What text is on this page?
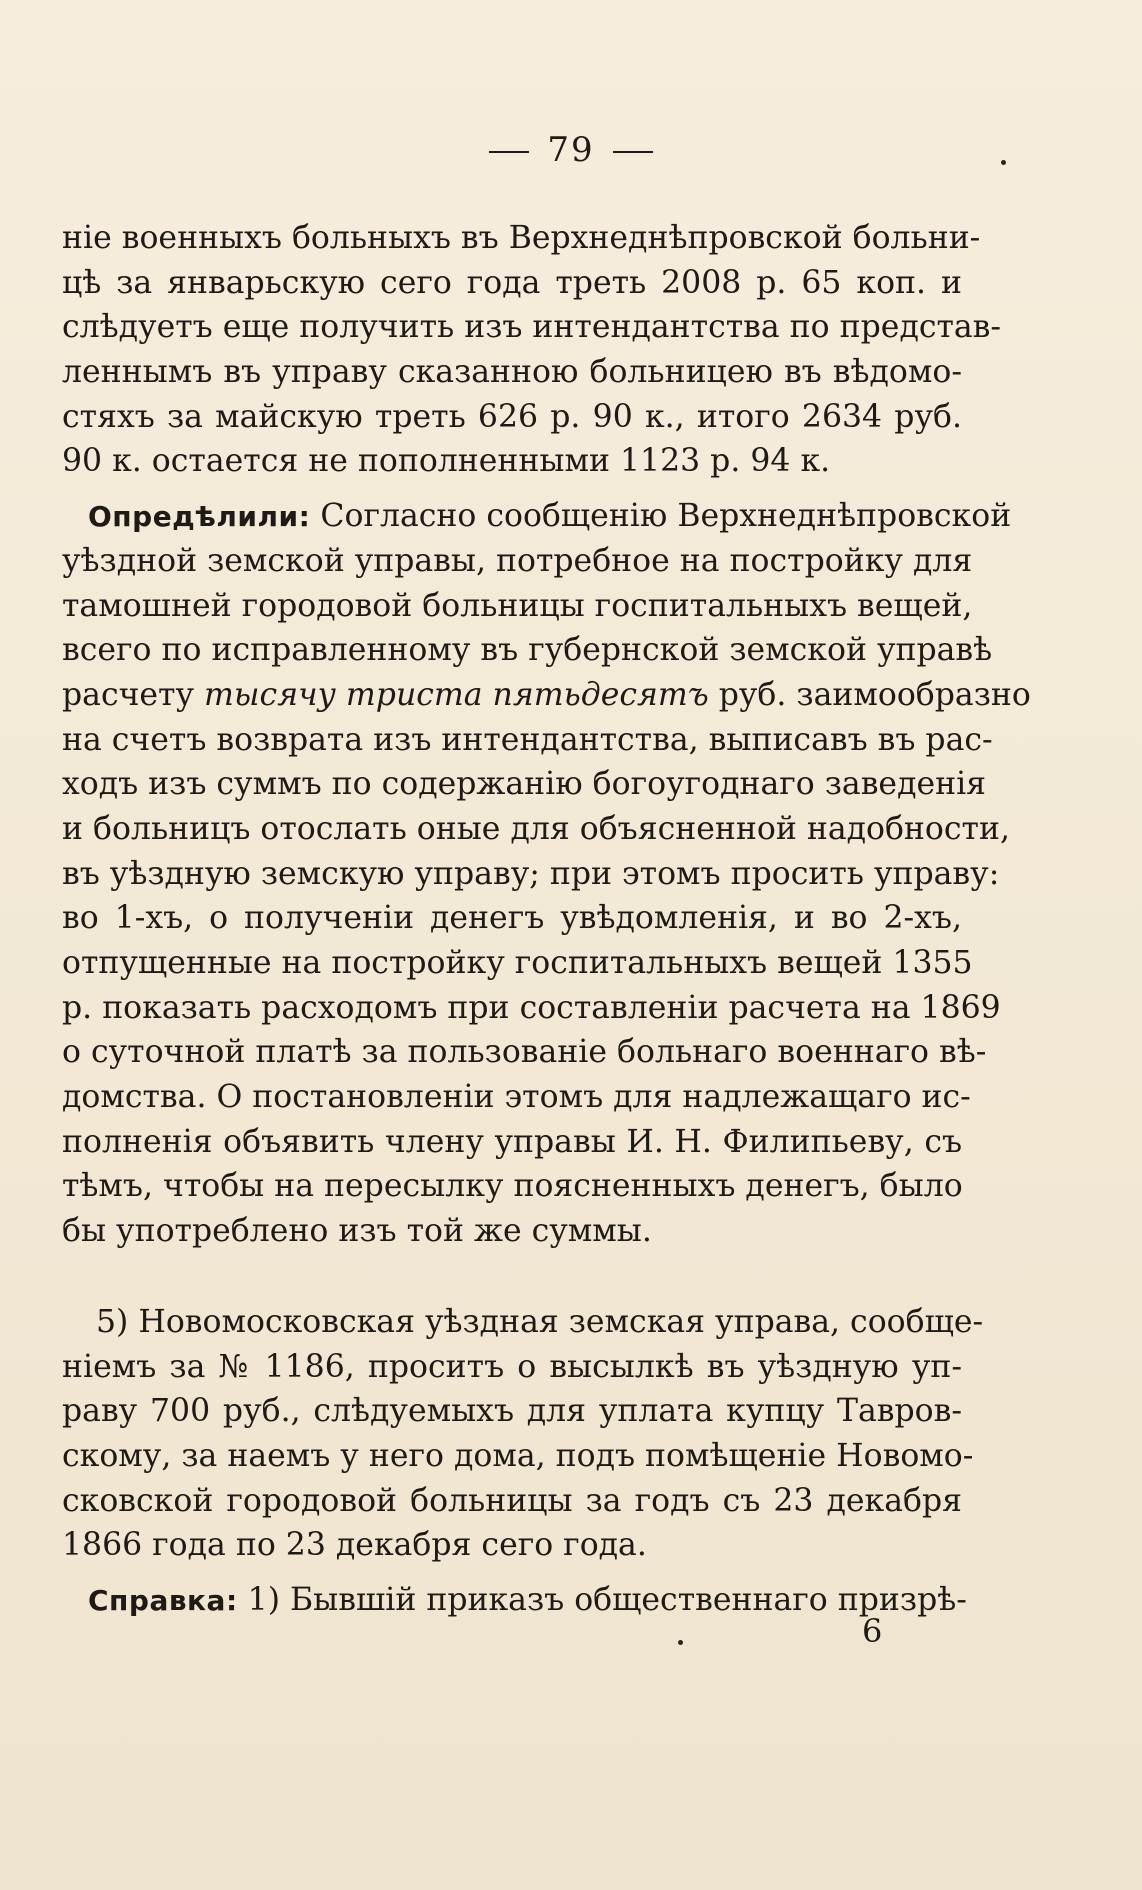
79
ніе военныхъ больныхъ въ Верхнеднѣпровской больни-
цѣ за январьскую сего года треть 2008 р. 65 коп. и
слѣдуетъ еще получить изъ интендантства по представ-
леннымъ въ управу сказанною больницею въ вѣдомо-
стяхъ за майскую треть 626 р. 90 к., итого 2634 руб.
90 к. остается не пополненными 1123 р. 94 к.
Опредѣлили: Согласно сообщенію Верхнеднѣпровской
уѣздной земской управы, потребное на постройку для
тамошней городовой больницы госпитальныхъ вещей,
всего по исправленному въ губернской земской управѣ
расчету тысячу триста пятьдесятъ руб. заимообразно
на счетъ возврата изъ интендантства, выписавъ въ рас-
ходъ изъ суммъ по содержанію богоугоднаго заведенія
и больницъ отослать оные для объясненной надобности,
въ уѣздную земскую управу; при этомъ просить управу:
во 1-хъ, о полученіи денегъ увѣдомленія, и во 2-хъ,
отпущенные на постройку госпитальныхъ вещей 1355
р. показать расходомъ при составленіи расчета на 1869
о суточной платѣ за пользованіе больнаго военнаго вѣ-
домства. О постановленіи этомъ для надлежащаго ис-
полненія объявить члену управы И. Н. Филипьеву, съ
тѣмъ, чтобы на пересылку поясненныхъ денегъ, было
бы употреблено изъ той же суммы.
5) Новомосковская уѣздная земская управа, сообще-
ніемъ за № 1186, проситъ о высылкѣ въ уѣздную уп-
раву 700 руб., слѣдуемыхъ для уплата купцу Тавров-
скому, за наемъ у него дома, подъ помѣщеніе Новомо-
сковской городовой больницы за годъ съ 23 декабря
1866 года по 23 декабря сего года.
Справка: 1) Бывшій приказъ общественнаго призрѣ-
6
